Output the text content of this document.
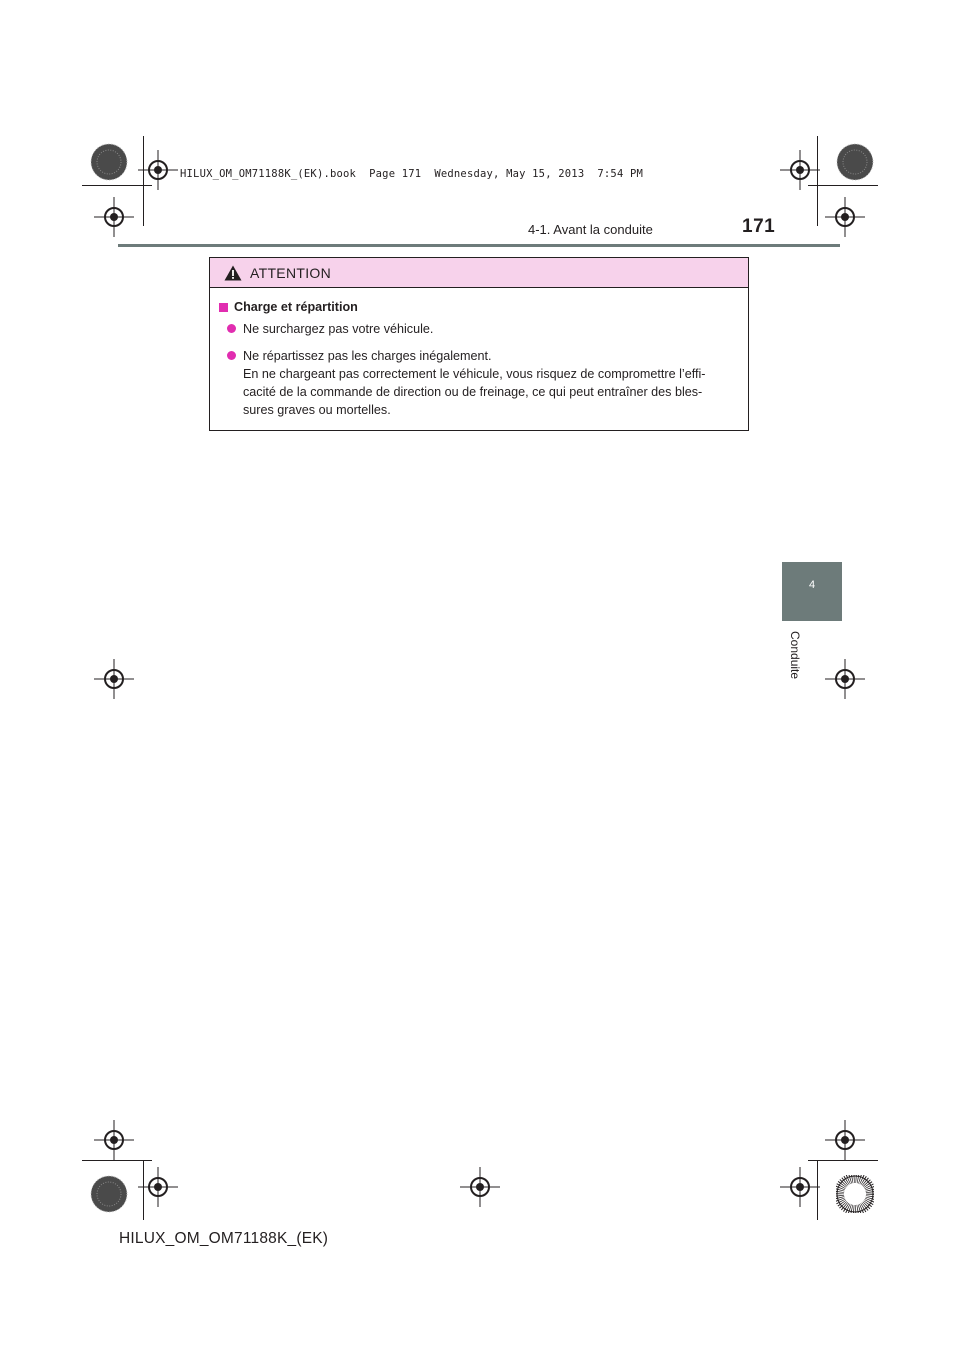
HILUX_OM_OM71188K_(EK).book  Page 171  Wednesday, May 15, 2013  7:54 PM
4-1. Avant la conduite	171
ATTENTION
Charge et répartition
Ne surchargez pas votre véhicule.
Ne répartissez pas les charges inégalement.
En ne chargeant pas correctement le véhicule, vous risquez de compromettre l’effi-
cacité de la commande de direction ou de freinage, ce qui peut entraîner des bles-
sures graves ou mortelles.
4
Conduite
HILUX_OM_OM71188K_(EK)
